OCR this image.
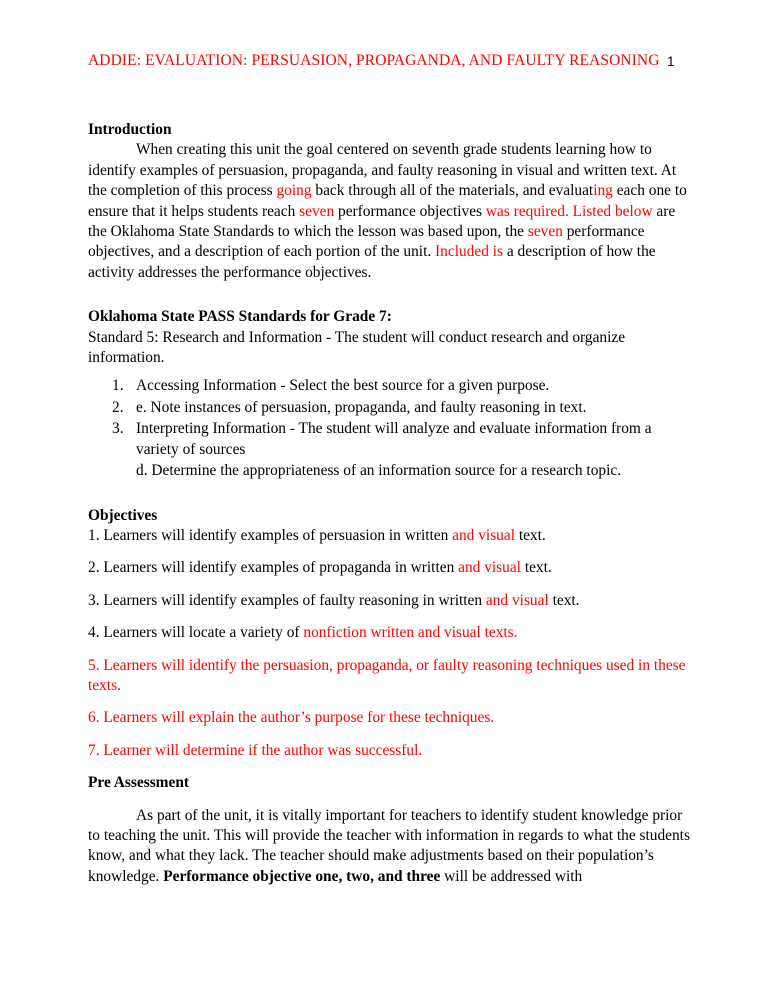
ADDIE: EVALUATION: PERSUASION, PROPAGANDA, AND FAULTY REASONING 1
Introduction

When creating this unit the goal centered on seventh grade students learning how to identify examples of persuasion, propaganda, and faulty reasoning in visual and written text. At the completion of this process going back through all of the materials, and evaluating each one to ensure that it helps students reach seven performance objectives was required. Listed below are the Oklahoma State Standards to which the lesson was based upon, the seven performance objectives, and a description of each portion of the unit. Included is a description of how the activity addresses the performance objectives.

Oklahoma State PASS Standards for Grade 7:

Standard 5: Research and Information - The student will conduct research and organize information.

1. Accessing Information - Select the best source for a given purpose.
2. e. Note instances of persuasion, propaganda, and faulty reasoning in text.
3. Interpreting Information - The student will analyze and evaluate information from a variety of sources

d. Determine the appropriateness of an information source for a research topic.

Objectives

1. Learners will identify examples of persuasion in written and visual text.

2. Learners will identify examples of propaganda in written and visual text.

3. Learners will identify examples of faulty reasoning in written and visual text.

4. Learners will locate a variety of nonfiction written and visual texts.

5. Learners will identify the persuasion, propaganda, or faulty reasoning techniques used in these texts.

6. Learners will explain the author’s purpose for these techniques.

7. Learner will determine if the author was successful.

Pre Assessment

As part of the unit, it is vitally important for teachers to identify student knowledge prior to teaching the unit. This will provide the teacher with information in regards to what the students know, and what they lack. The teacher should make adjustments based on their population’s knowledge. Performance objective one, two, and three will be addressed with
